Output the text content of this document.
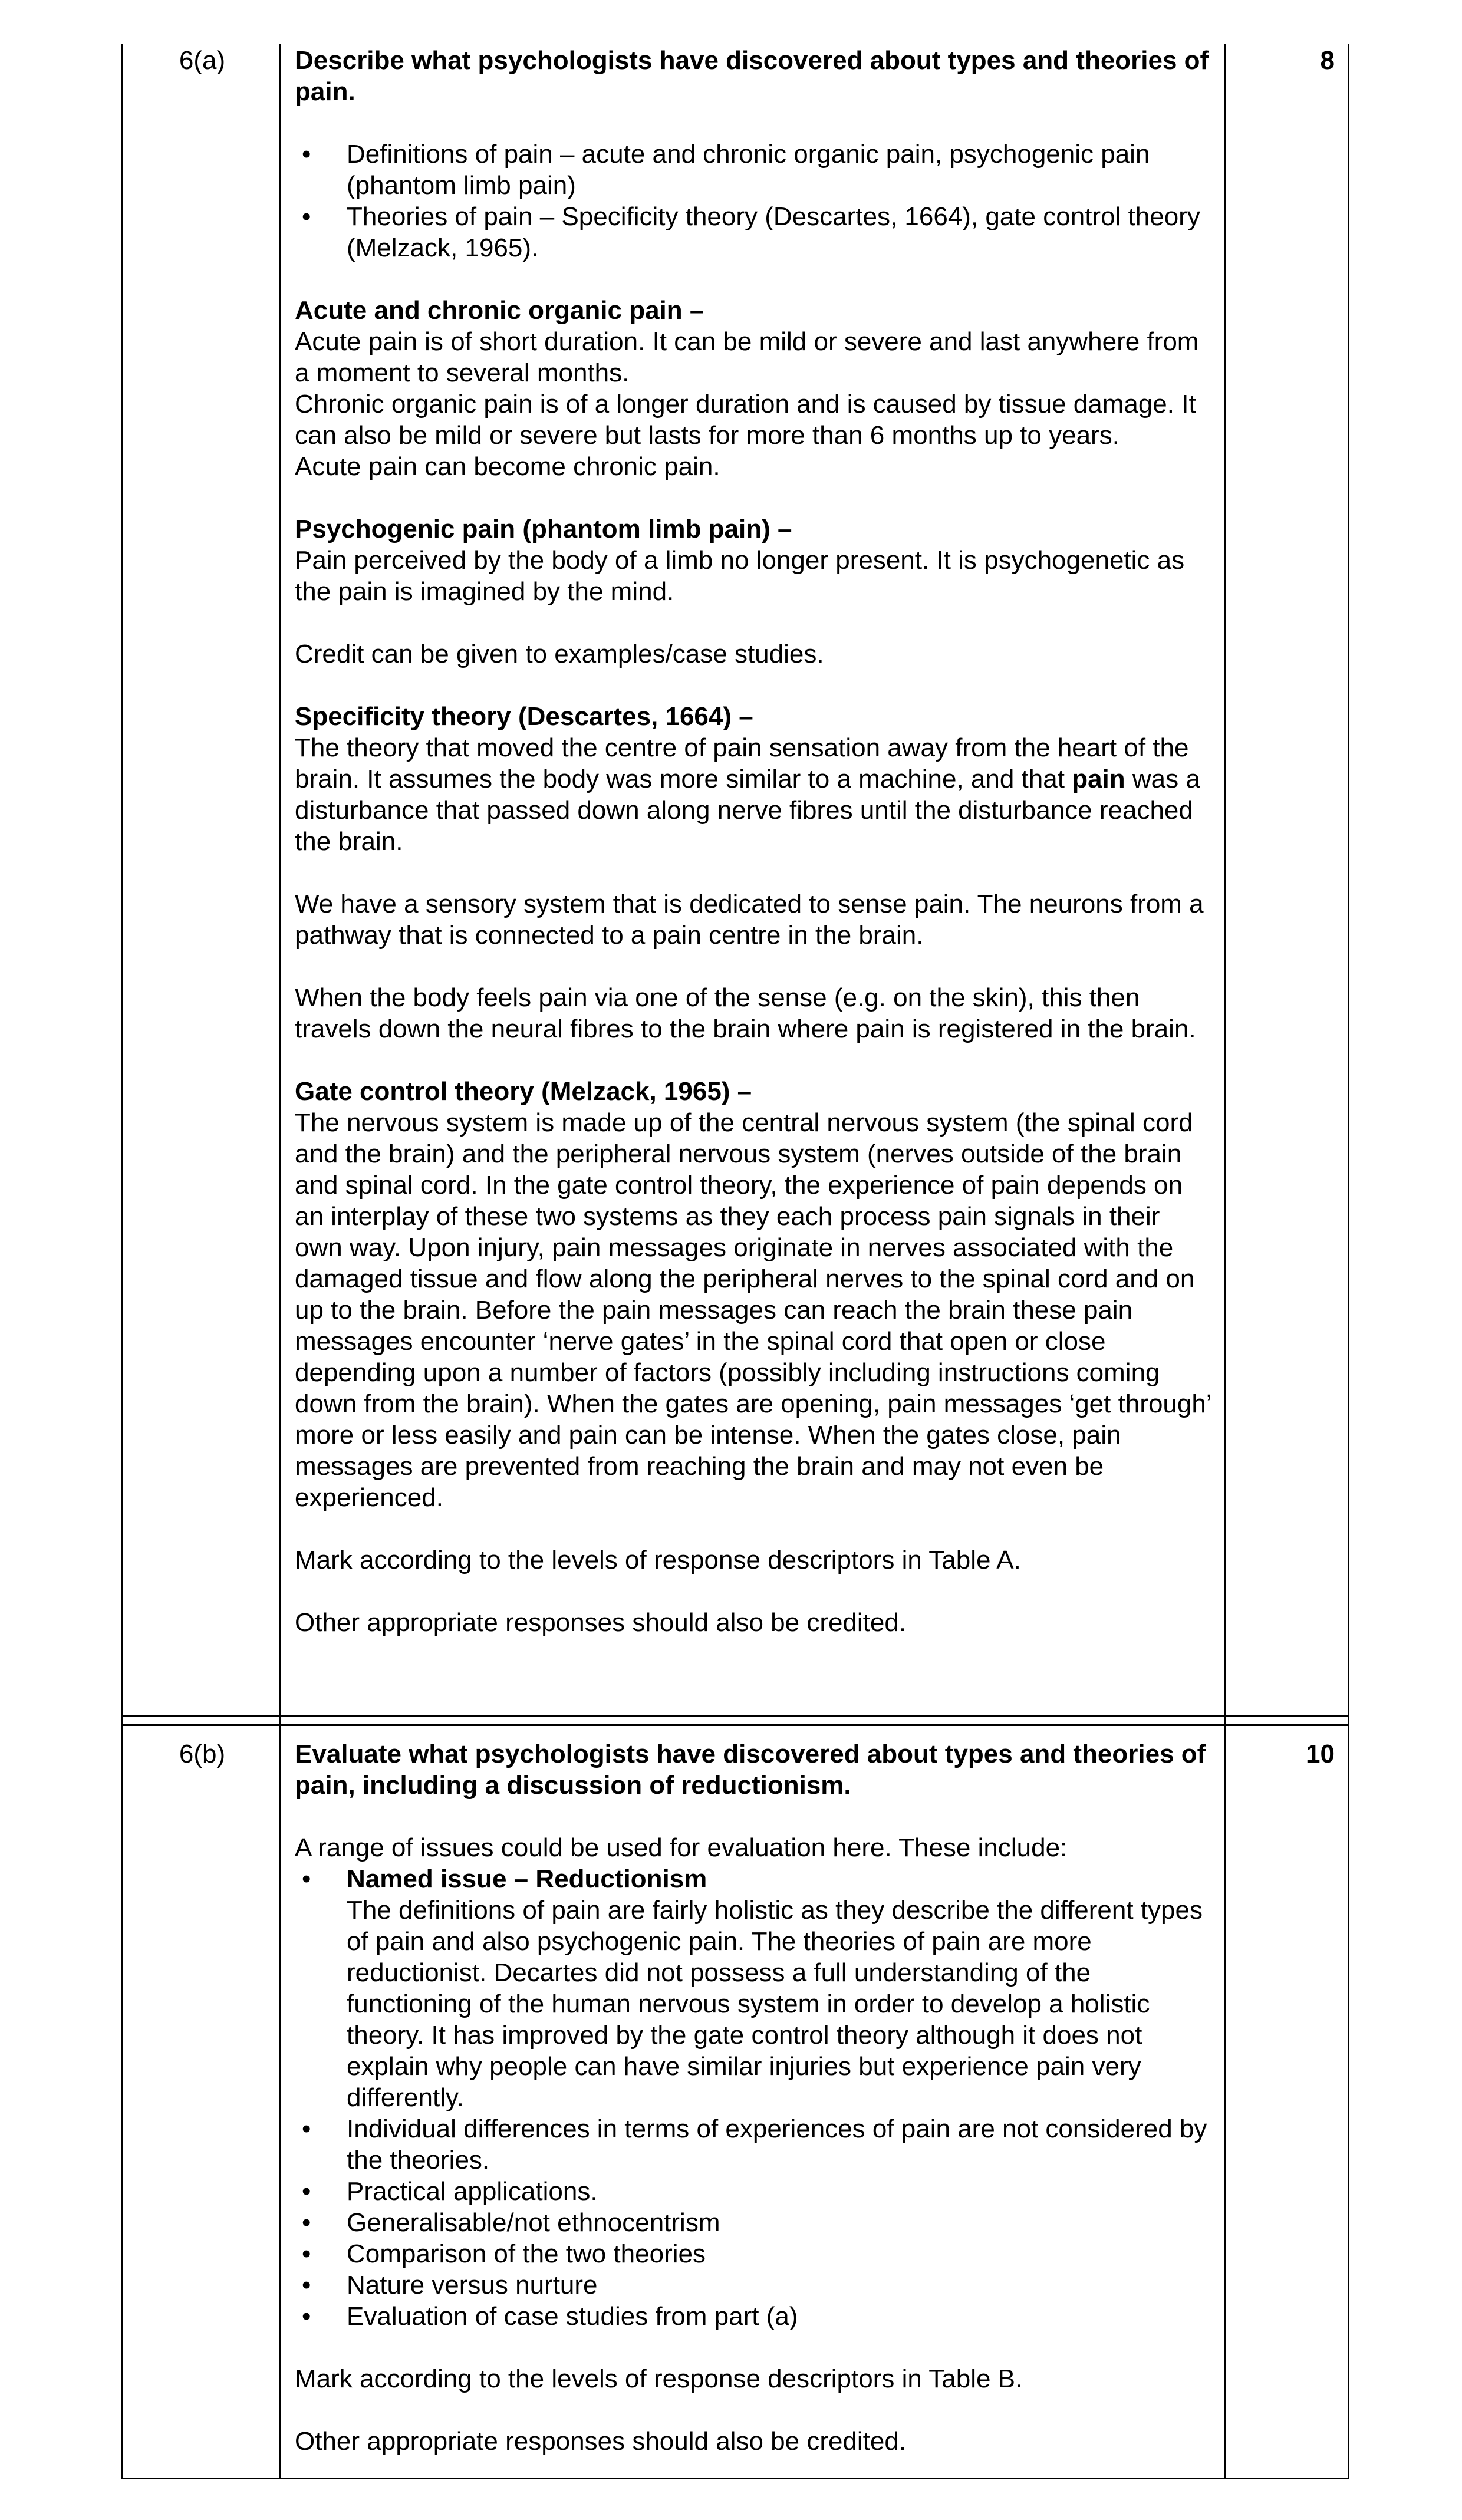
6(a)	8

Describe what psychologists have discovered about types and theories of pain.

• Definitions of pain – acute and chronic organic pain, psychogenic pain (phantom limb pain)
• Theories of pain – Specificity theory (Descartes, 1664), gate control theory (Melzack, 1965).

Acute and chronic organic pain –

Acute pain is of short duration. It can be mild or severe and last anywhere from a moment to several months.

Chronic organic pain is of a longer duration and is caused by tissue damage. It can also be mild or severe but lasts for more than 6 months up to years.

Acute pain can become chronic pain.

Psychogenic pain (phantom limb pain) –

Pain perceived by the body of a limb no longer present. It is psychogenetic as the pain is imagined by the mind.

Credit can be given to examples/case studies.

Specificity theory (Descartes, 1664) –

The theory that moved the centre of pain sensation away from the heart of the brain. It assumes the body was more similar to a machine, and that pain was a disturbance that passed down along nerve fibres until the disturbance reached the brain.

We have a sensory system that is dedicated to sense pain. The neurons from a pathway that is connected to a pain centre in the brain.

When the body feels pain via one of the sense (e.g. on the skin), this then travels down the neural fibres to the brain where pain is registered in the brain.

Gate control theory (Melzack, 1965) –

The nervous system is made up of the central nervous system (the spinal cord and the brain) and the peripheral nervous system (nerves outside of the brain and spinal cord. In the gate control theory, the experience of pain depends on an interplay of these two systems as they each process pain signals in their own way. Upon injury, pain messages originate in nerves associated with the damaged tissue and flow along the peripheral nerves to the spinal cord and on up to the brain. Before the pain messages can reach the brain these pain messages encounter ‘nerve gates’ in the spinal cord that open or close depending upon a number of factors (possibly including instructions coming down from the brain). When the gates are opening, pain messages ‘get through’ more or less easily and pain can be intense. When the gates close, pain messages are prevented from reaching the brain and may not even be experienced.

Mark according to the levels of response descriptors in Table A.

Other appropriate responses should also be credited.

6(b)	10

Evaluate what psychologists have discovered about types and theories of pain, including a discussion of reductionism.

A range of issues could be used for evaluation here. These include:

• Named issue – Reductionism
The definitions of pain are fairly holistic as they describe the different types of pain and also psychogenic pain. The theories of pain are more reductionist. Decartes did not possess a full understanding of the functioning of the human nervous system in order to develop a holistic theory. It has improved by the gate control theory although it does not explain why people can have similar injuries but experience pain very differently.
• Individual differences in terms of experiences of pain are not considered by the theories.
• Practical applications.
• Generalisable/not ethnocentrism
• Comparison of the two theories
• Nature versus nurture
• Evaluation of case studies from part (a)

Mark according to the levels of response descriptors in Table B.

Other appropriate responses should also be credited.
